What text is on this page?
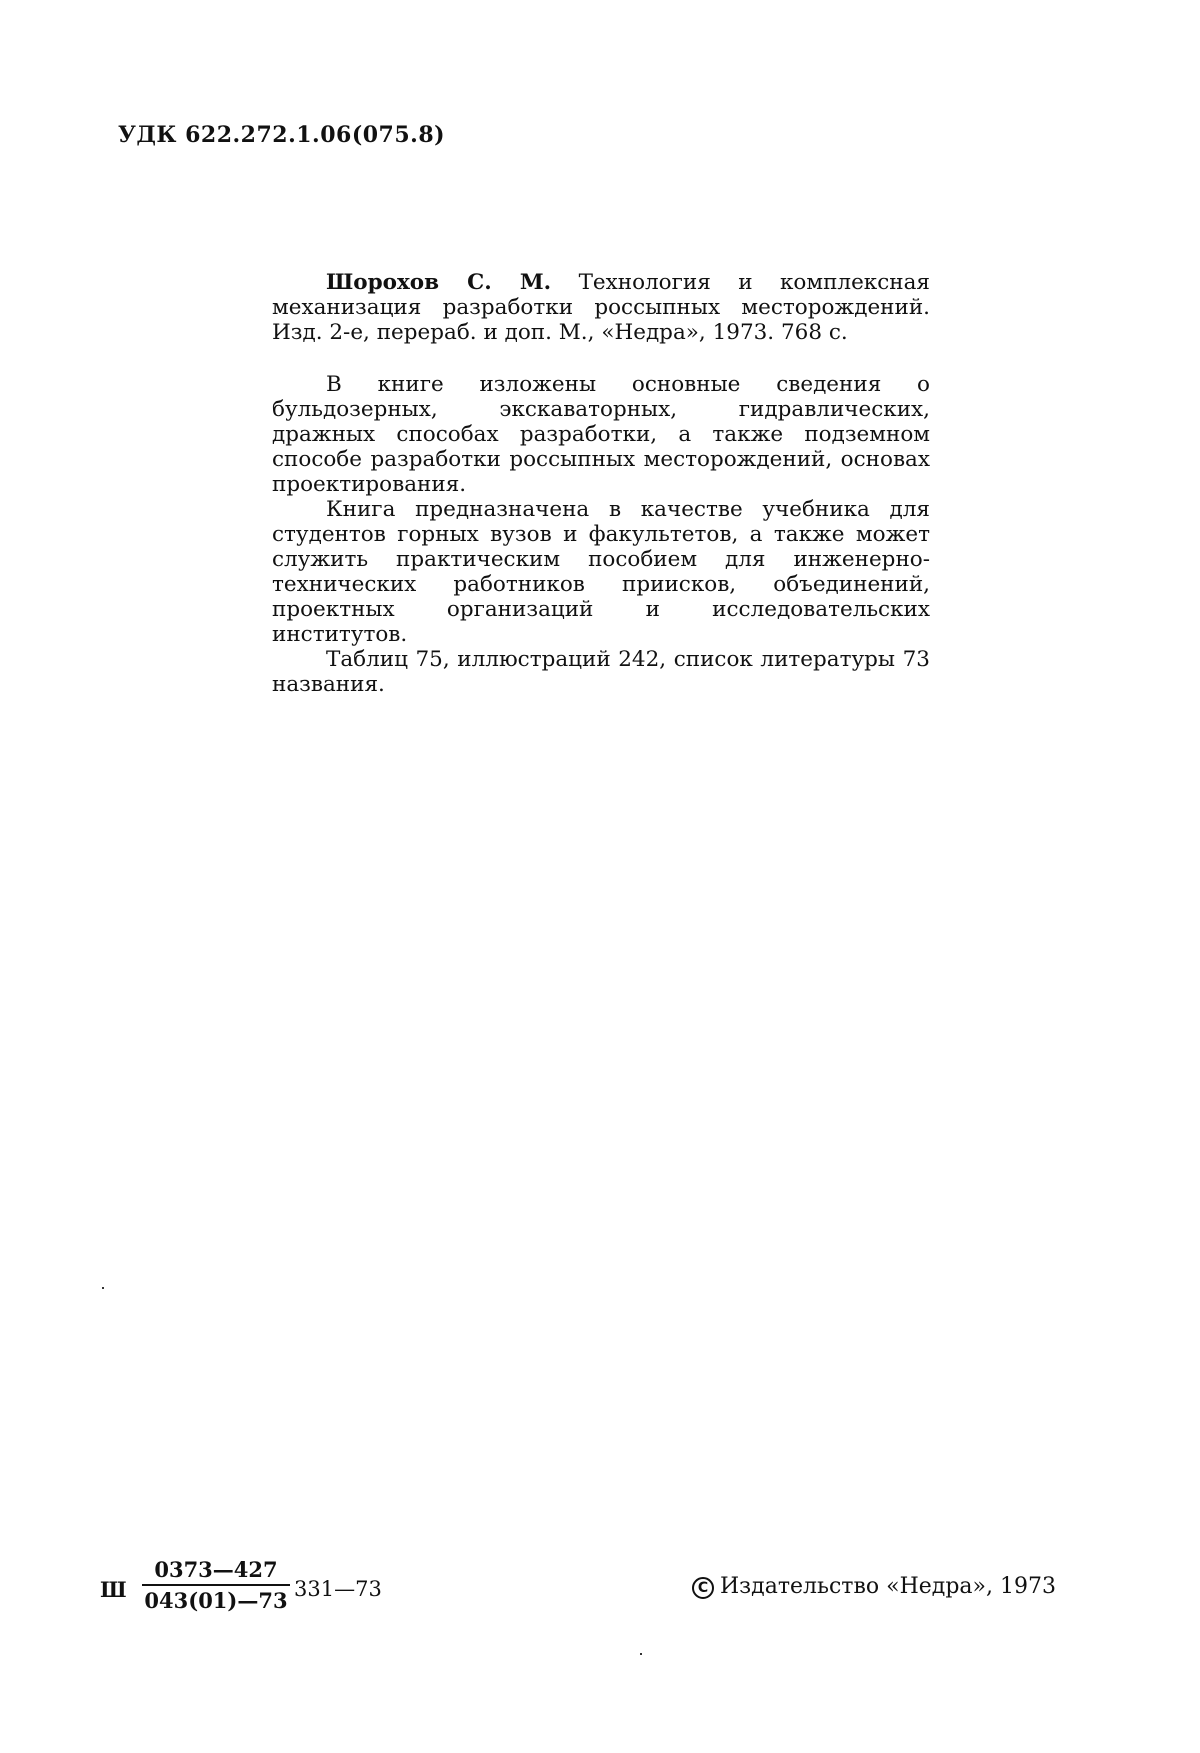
УДК 622.272.1.06(075.8)

Шорохов С. М. Технология и комплексная механизация разработки россыпных месторождений. Изд. 2-е, перераб. и доп. М., «Недра», 1973. 768 с.

В книге изложены основные сведения о бульдозерных, экскаваторных, гидравлических, дражных способах разработки, а также подземном способе разработки россыпных месторождений, основах проектирования.

Книга предназначена в качестве учебника для студентов горных вузов и факультетов, а также может служить практическим пособием для инженерно-технических работников приисков, объединений, проектных организаций и исследовательских институтов.

Таблиц 75, иллюстраций 242, список литературы 73 названия.

Ш
0373—427
043(01)—73 331—73	C Издательство «Недра», 1973
